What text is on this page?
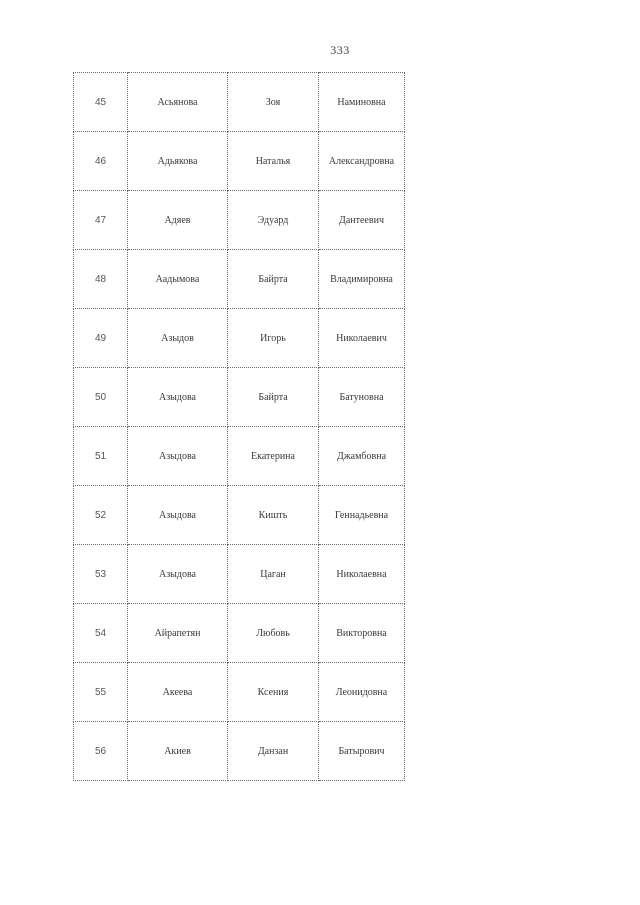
333
45	Асьянова	Зоя	Наминовна
46	Адьякова	Наталья	Александровна
47	Адяев	Эдуард	Дантеевич
48	Аадымова	Байрта	Владимировна
49	Азыдов	Игорь	Николаевич
50	Азыдова	Байрта	Батуновна
51	Азыдова	Екатерина	Джамбовна
52	Азыдова	Кишть	Геннадьевна
53	Азыдова	Цаган	Николаевна
54	Айрапетян	Любовь	Викторовна
55	Акеева	Ксения	Леонидовна
56	Акиев	Данзан	Батырович
